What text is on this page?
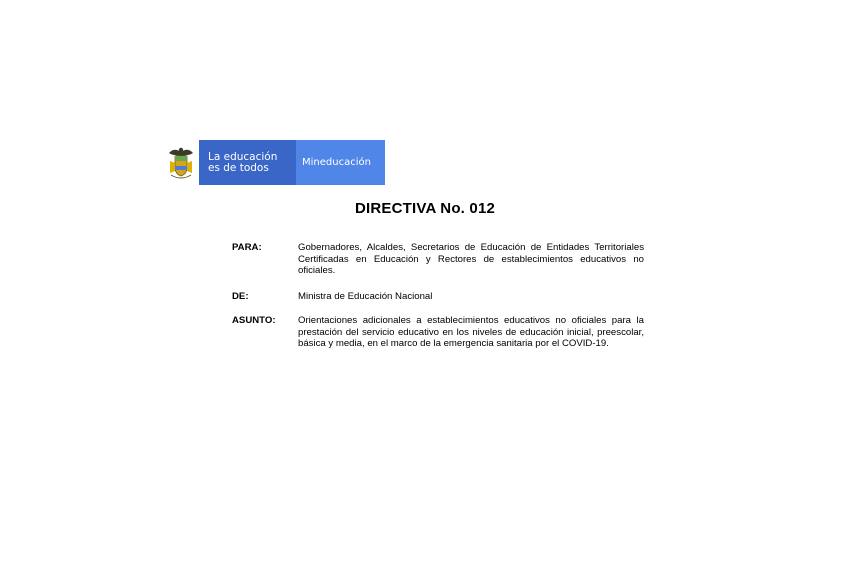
La educación
es de todos	Mineducación
DIRECTIVA No. 012
PARA:	Gobernadores, Alcaldes, Secretarios de Educación de Entidades Territoriales Certificadas en Educación y Rectores de establecimientos educativos no oficiales.
DE:	Ministra de Educación Nacional
ASUNTO:	Orientaciones adicionales a establecimientos educativos no oficiales para la prestación del servicio educativo en los niveles de educación inicial, preescolar, básica y media, en el marco de la emergencia sanitaria por el COVID-19.
